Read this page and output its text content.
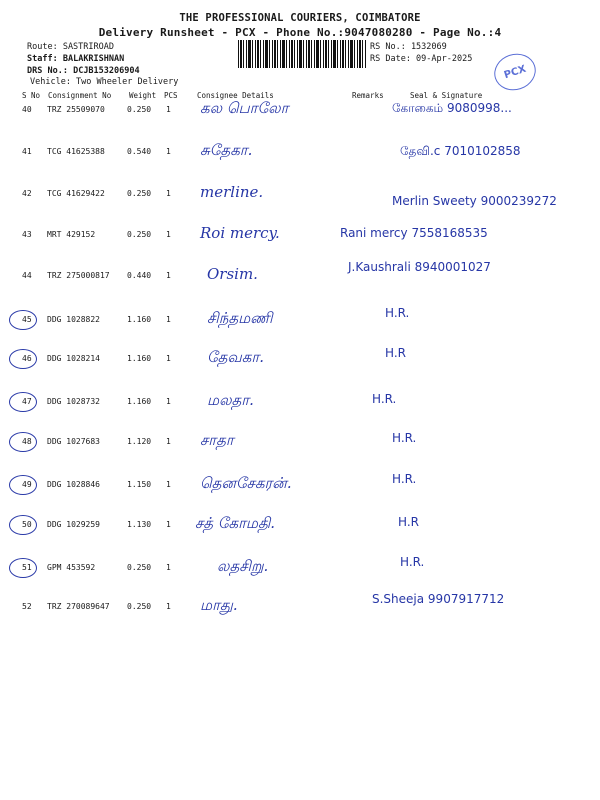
THE PROFESSIONAL COURIERS, COIMBATORE
Delivery Runsheet - PCX - Phone No.:9047080280 - Page No.:4
Route: SASTRIROAD
Staff: BALAKRISHNAN
DRS No.: DCJB153206904
Vehicle: Two Wheeler Delivery
RS No.: 1532069
RS Date: 09-Apr-2025
PCX
S No Consignment No Weight PCS	Consignee Details	Remarks	Seal & Signature
40 TRZ 25509070	0.250 1 கல பொலோ	கோகைம் 9080998...
41 TCG 41625388	0.540 1 சுதேகா.	தேவி.c 7010102858
42 TCG 41629422	0.250 1 merline.	Merlin Sweety 9000239272
43 MRT 429152	0.250 1 Roi mercy.	Rani mercy 7558168535
44 TRZ 275000817 0.440 1 Orsim.	J.Kaushrali 8940001027
45 DDG 1028822	1.160 1 சிந்தமணி	H.R.
46 DDG 1028214	1.160 1 தேவகா.	H.R
47 DDG 1028732	1.160 1 மலதா.	H.R.
48 DDG 1027683	1.120 1 சாதா	H.R.
49 DDG 1028846	1.150 1 தெனசேகரன்.	H.R.
50 DDG 1029259	1.130 1 சத் கோமதி.	H.R
51 GPM 453592	0.250 1	லதசிறு.	H.R.
52 TRZ 270089647 0.250 1 மாது.	S.Sheeja 9907917712
